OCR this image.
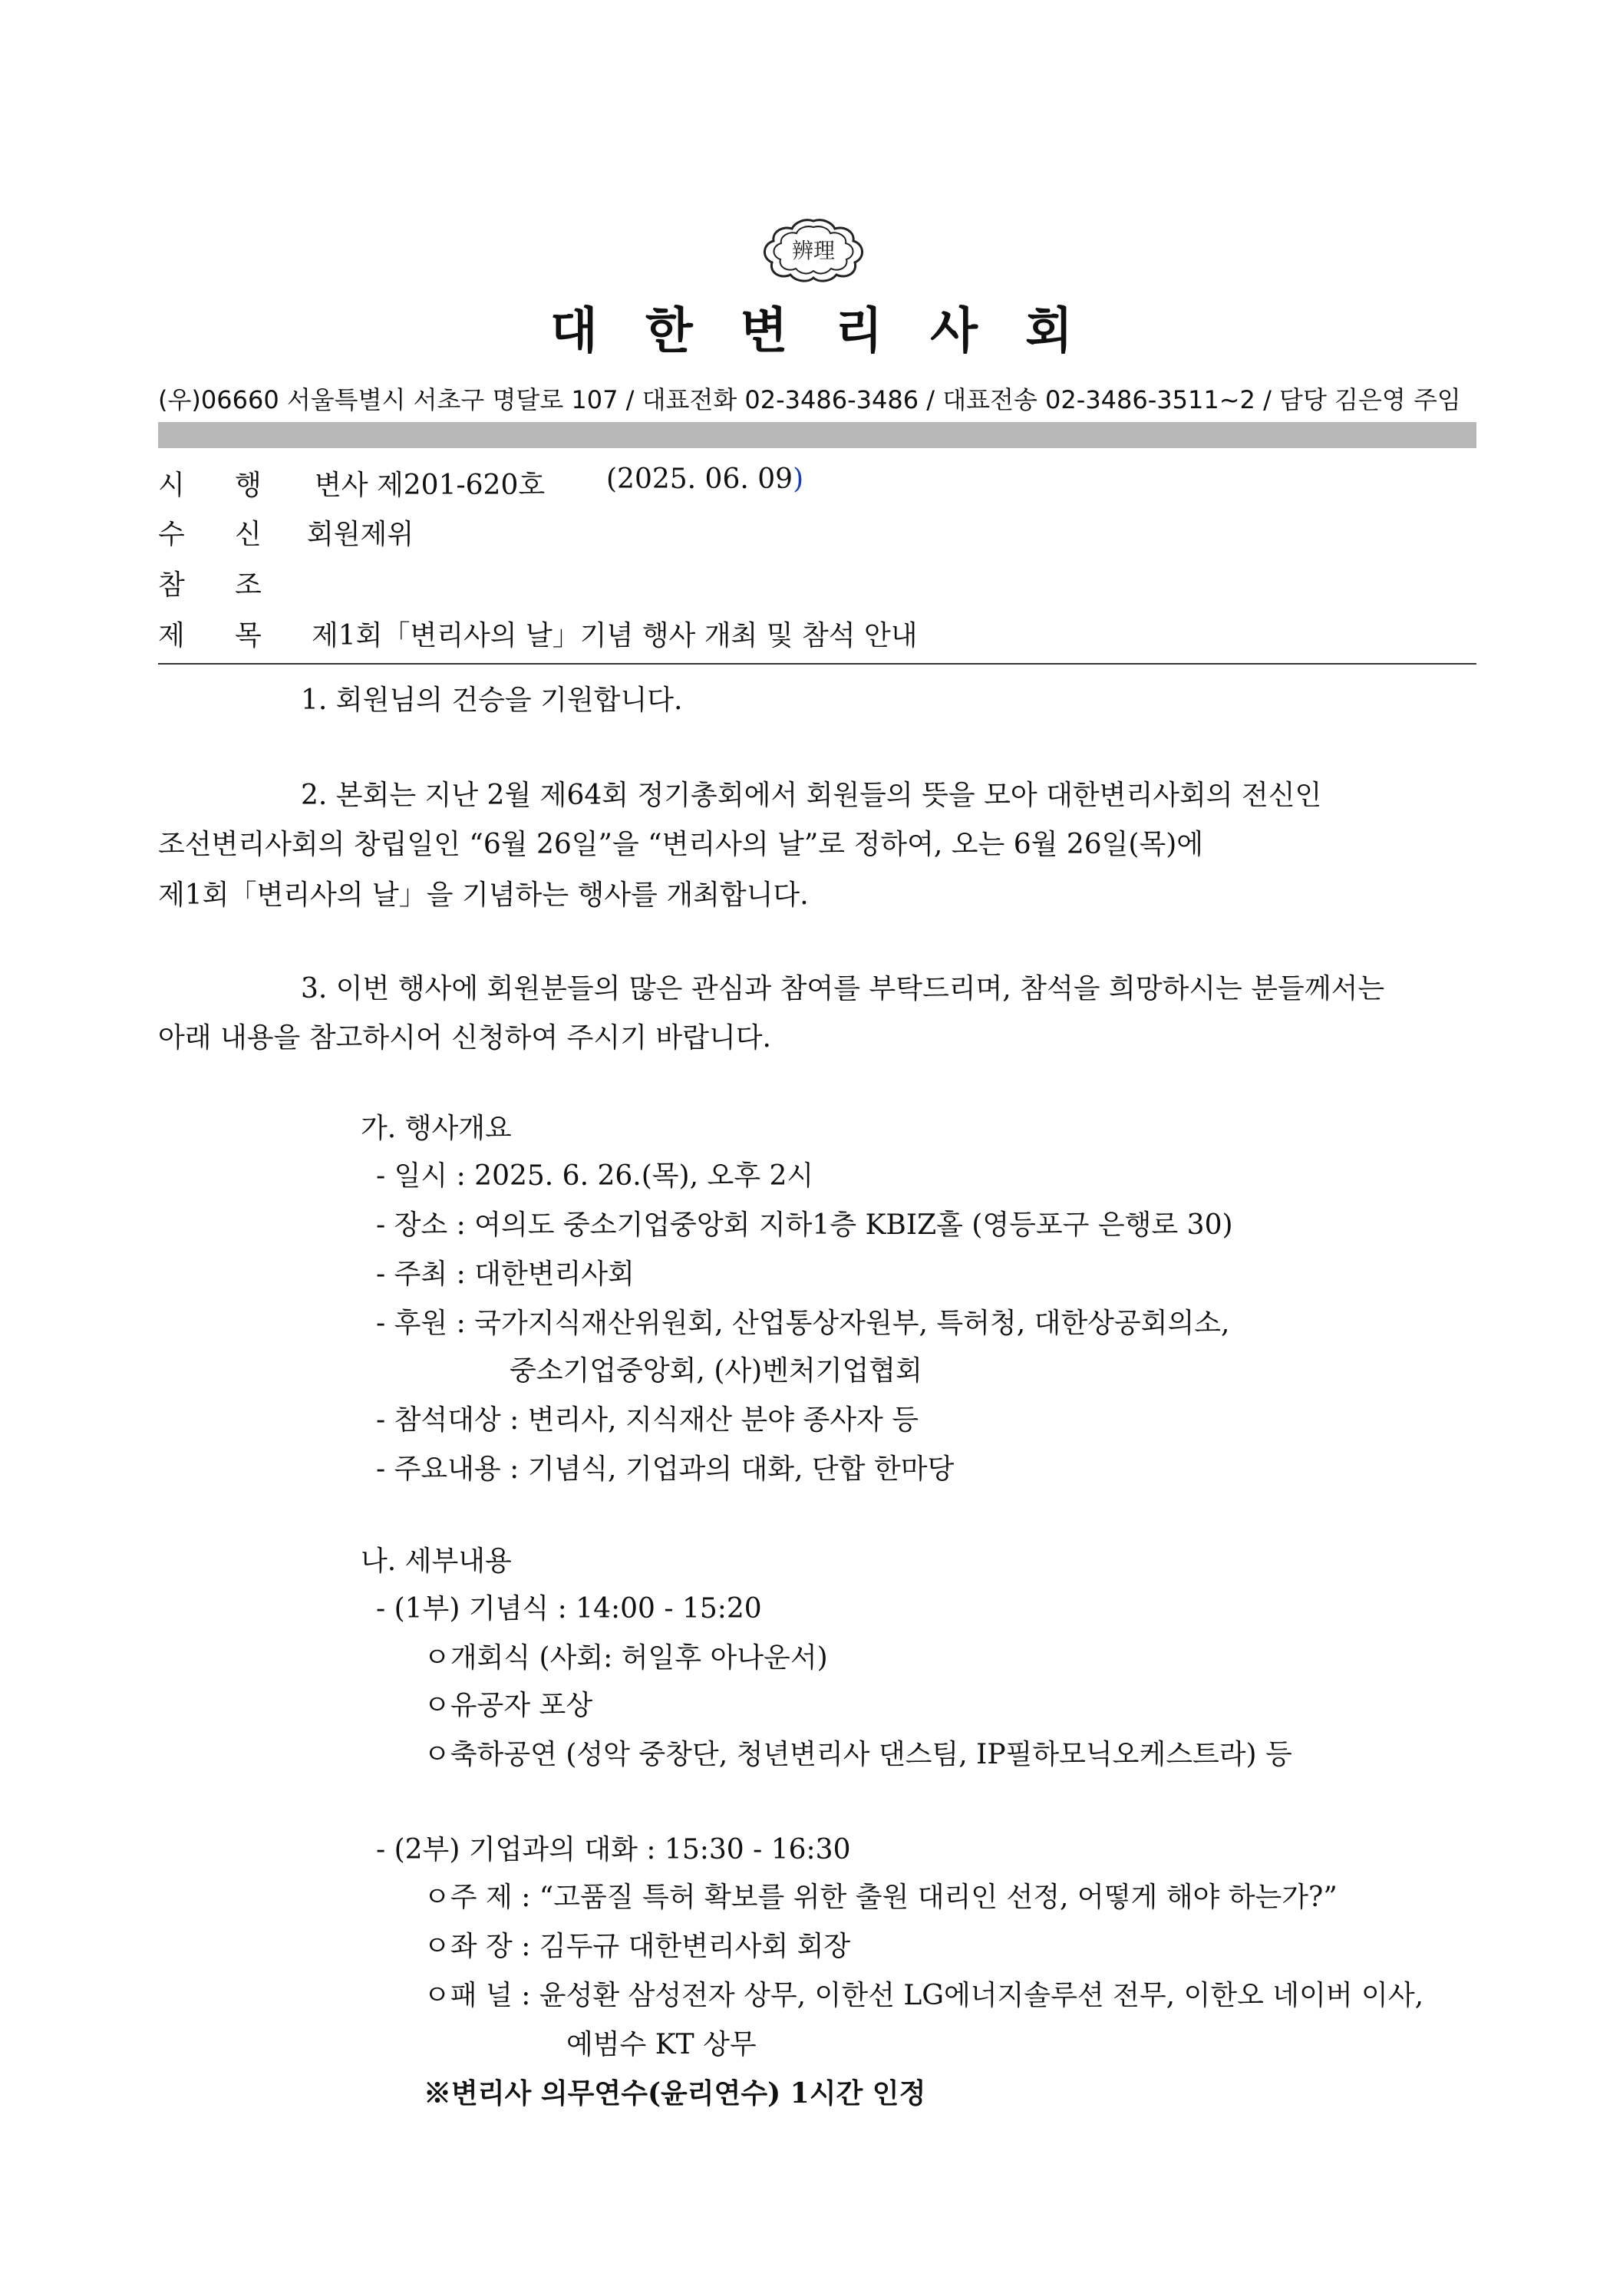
辨理
대한변리사회
(우)06660 서울특별시 서초구 명달로 107 / 대표전화 02-3486-3486 / 대표전송 02-3486-3511~2 / 담당 김은영 주임
시 행 변사 제201-620호 (2025. 06. 09)
수 신 회원제위
참 조
제 목 제1회「변리사의 날」기념 행사 개최 및 참석 안내
1. 회원님의 건승을 기원합니다.
2. 본회는 지난 2월 제64회 정기총회에서 회원들의 뜻을 모아 대한변리사회의 전신인
조선변리사회의 창립일인 “6월 26일”을 “변리사의 날”로 정하여, 오는 6월 26일(목)에
제1회「변리사의 날」을 기념하는 행사를 개최합니다.
3. 이번 행사에 회원분들의 많은 관심과 참여를 부탁드리며, 참석을 희망하시는 분들께서는
아래 내용을 참고하시어 신청하여 주시기 바랍니다.
가. 행사개요
- 일시 : 2025. 6. 26.(목), 오후 2시
- 장소 : 여의도 중소기업중앙회 지하1층 KBIZ홀 (영등포구 은행로 30)
- 주최 : 대한변리사회
- 후원 : 국가지식재산위원회, 산업통상자원부, 특허청, 대한상공회의소,
중소기업중앙회, (사)벤처기업협회
- 참석대상 : 변리사, 지식재산 분야 종사자 등
- 주요내용 : 기념식, 기업과의 대화, 단합 한마당
나. 세부내용
- (1부) 기념식 : 14:00 - 15:20
ㅇ개회식 (사회: 허일후 아나운서)
ㅇ유공자 포상
ㅇ축하공연 (성악 중창단, 청년변리사 댄스팀, IP필하모닉오케스트라) 등
- (2부) 기업과의 대화 : 15:30 - 16:30
ㅇ주 제 : “고품질 특허 확보를 위한 출원 대리인 선정, 어떻게 해야 하는가?”
ㅇ좌 장 : 김두규 대한변리사회 회장
ㅇ패 널 : 윤성환 삼성전자 상무, 이한선 LG에너지솔루션 전무, 이한오 네이버 이사,
예범수 KT 상무
※변리사 의무연수(윤리연수) 1시간 인정
